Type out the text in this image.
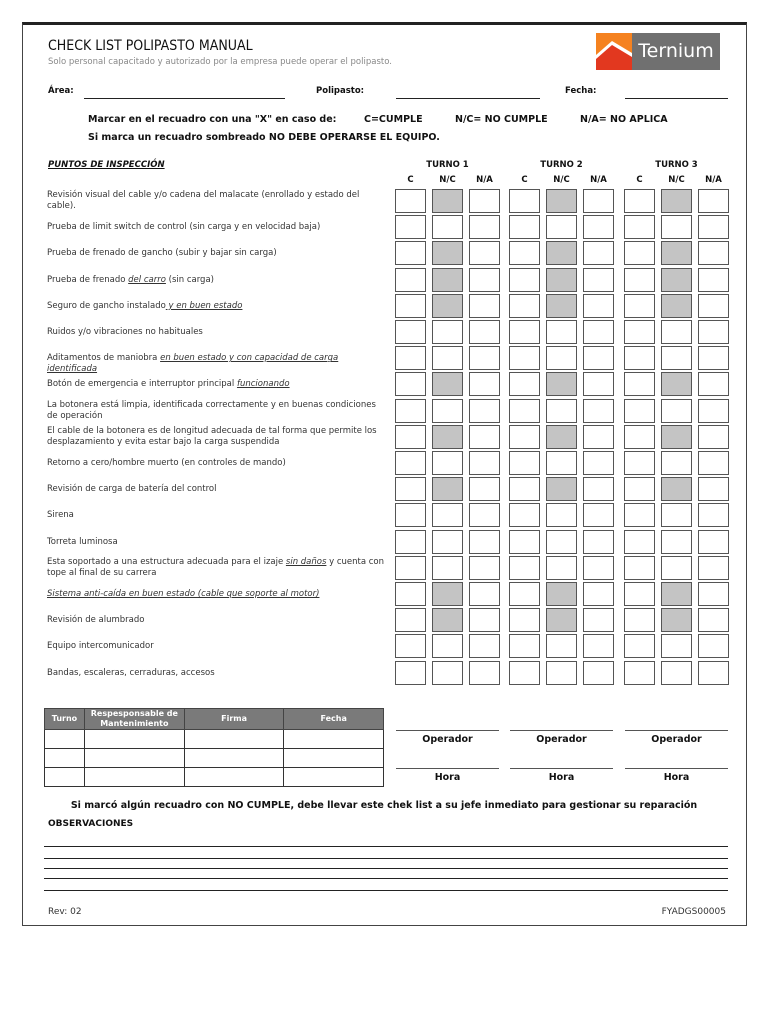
CHECK LIST POLIPASTO MANUAL
Solo personal capacitado y autorizado por la empresa puede operar el polipasto.	Ternium
Área:	Polipasto:	Fecha:
Marcar en el recuadro con una "X" en caso de:	C=CUMPLE	N/C= NO CUMPLE	N/A= NO APLICA
Si marca un recuadro sombreado NO DEBE OPERARSE EL EQUIPO.
PUNTOS DE INSPECCIÓN	TURNO 1
C	N/C	N/A
TURNO 2
C	N/C	N/A
TURNO 3
C	N/C	N/A
Revisión visual del cable y/o cadena del malacate (enrollado y estado del cable).
Prueba de limit switch de control (sin carga y en velocidad baja)
Prueba de frenado de gancho (subir y bajar sin carga)
Prueba de frenado del carro (sin carga)
Seguro de gancho instalado y en buen estado
Ruidos y/o vibraciones no habituales
Aditamentos de maniobra en buen estado y con capacidad de carga identificada
Botón de emergencia e interruptor principal funcionando
La botonera está limpia, identificada correctamente y en buenas condiciones de operación
El cable de la botonera es de longitud adecuada de tal forma que permite los desplazamiento y evita estar bajo la carga suspendida
Retorno a cero/hombre muerto (en controles de mando)
Revisión de carga de batería del control
Sirena
Torreta luminosa
Esta soportado a una estructura adecuada para el izaje sin daños y cuenta con tope al final de su carrera
Sistema anti-caída en buen estado (cable que soporte al motor)
Revisión de alumbrado
Equipo intercomunicador
Bandas, escaleras, cerraduras, accesos
Turno	Respesponsable de Mantenimiento	Firma	Fecha

Operador
Hora
Operador
Hora
Operador
Hora
Si marcó algún recuadro con NO CUMPLE, debe llevar este chek list a su jefe inmediato para gestionar su reparación
OBSERVACIONES
Rev: 02	FYADGS00005
